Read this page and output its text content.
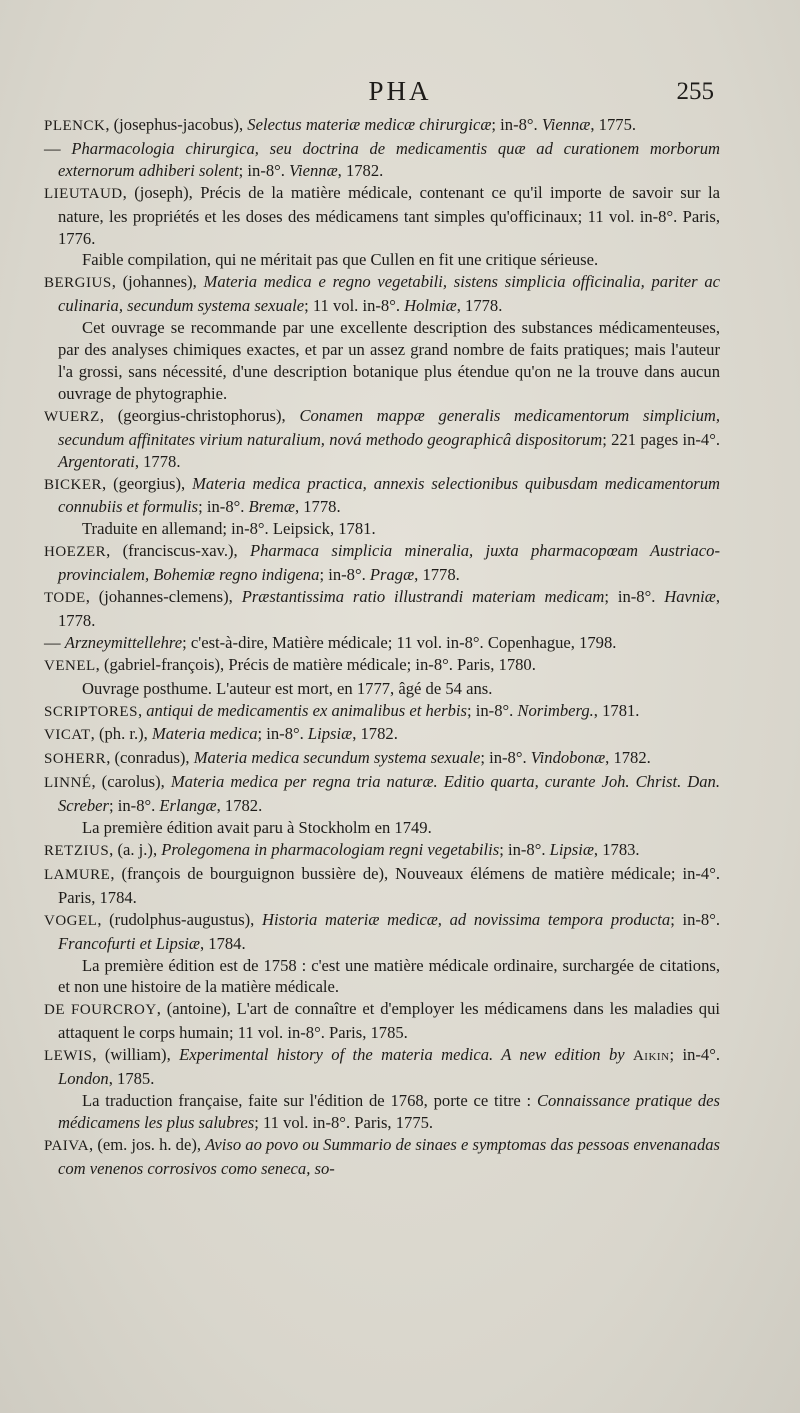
PHA	255

PLENCK, (josephus-jacobus), Selectus materiæ medicæ chirurgicæ; in-8°. Viennæ, 1775.

— Pharmacologia chirurgica, seu doctrina de medicamentis quæ ad curationem morborum externorum adhiberi solent; in-8°. Viennæ, 1782.

LIEUTAUD, (joseph), Précis de la matière médicale, contenant ce qu'il importe de savoir sur la nature, les propriétés et les doses des médicamens tant simples qu'officinaux; 11 vol. in-8°. Paris, 1776.

Faible compilation, qui ne méritait pas que Cullen en fit une critique sérieuse.

BERGIUS, (johannes), Materia medica e regno vegetabili, sistens simplicia officinalia, pariter ac culinaria, secundum systema sexuale; 11 vol. in-8°. Holmiæ, 1778.

Cet ouvrage se recommande par une excellente description des substances médicamenteuses, par des analyses chimiques exactes, et par un assez grand nombre de faits pratiques; mais l'auteur l'a grossi, sans nécessité, d'une description botanique plus étendue qu'on ne la trouve dans aucun ouvrage de phytographie.

WUERZ, (georgius-christophorus), Conamen mappæ generalis medicamentorum simplicium, secundum affinitates virium naturalium, nová methodo geographicâ dispositorum; 221 pages in-4°. Argentorati, 1778.

BICKER, (georgius), Materia medica practica, annexis selectionibus quibusdam medicamentorum connubiis et formulis; in-8°. Bremæ, 1778.

Traduite en allemand; in-8°. Leipsick, 1781.

HOEZER, (franciscus-xav.), Pharmaca simplicia mineralia, juxta pharmacopœam Austriaco-provincialem, Bohemiæ regno indigena; in-8°. Pragæ, 1778.

TODE, (johannes-clemens), Præstantissima ratio illustrandi materiam medicam; in-8°. Havniæ, 1778.

— Arzneymittellehre; c'est-à-dire, Matière médicale; 11 vol. in-8°. Copenhague, 1798.

VENEL, (gabriel-françois), Précis de matière médicale; in-8°. Paris, 1780.

Ouvrage posthume. L'auteur est mort, en 1777, âgé de 54 ans.

SCRIPTORES, antiqui de medicamentis ex animalibus et herbis; in-8°. Norimberg., 1781.

VICAT, (ph. r.), Materia medica; in-8°. Lipsiæ, 1782.

SOHERR, (conradus), Materia medica secundum systema sexuale; in-8°. Vindobonæ, 1782.

LINNÉ, (carolus), Materia medica per regna tria naturæ. Editio quarta, curante Joh. Christ. Dan. Screber; in-8°. Erlangæ, 1782.

La première édition avait paru à Stockholm en 1749.

RETZIUS, (a. j.), Prolegomena in pharmacologiam regni vegetabilis; in-8°. Lipsiæ, 1783.

LAMURE, (françois de bourguignon bussière de), Nouveaux élémens de matière médicale; in-4°. Paris, 1784.

VOGEL, (rudolphus-augustus), Historia materiæ medicæ, ad novissima tempora producta; in-8°. Francofurti et Lipsiæ, 1784.

La première édition est de 1758 : c'est une matière médicale ordinaire, surchargée de citations, et non une histoire de la matière médicale.

DE FOURCROY, (antoine), L'art de connaître et d'employer les médicamens dans les maladies qui attaquent le corps humain; 11 vol. in-8°. Paris, 1785.

LEWIS, (william), Experimental history of the materia medica. A new edition by Aikin; in-4°. London, 1785.

La traduction française, faite sur l'édition de 1768, porte ce titre : Connaissance pratique des médicamens les plus salubres; 11 vol. in-8°. Paris, 1775.

PAIVA, (em. jos. h. de), Aviso ao povo ou Summario de sinaes e symptomas das pessoas envenanadas com venenos corrosivos como seneca, so-
